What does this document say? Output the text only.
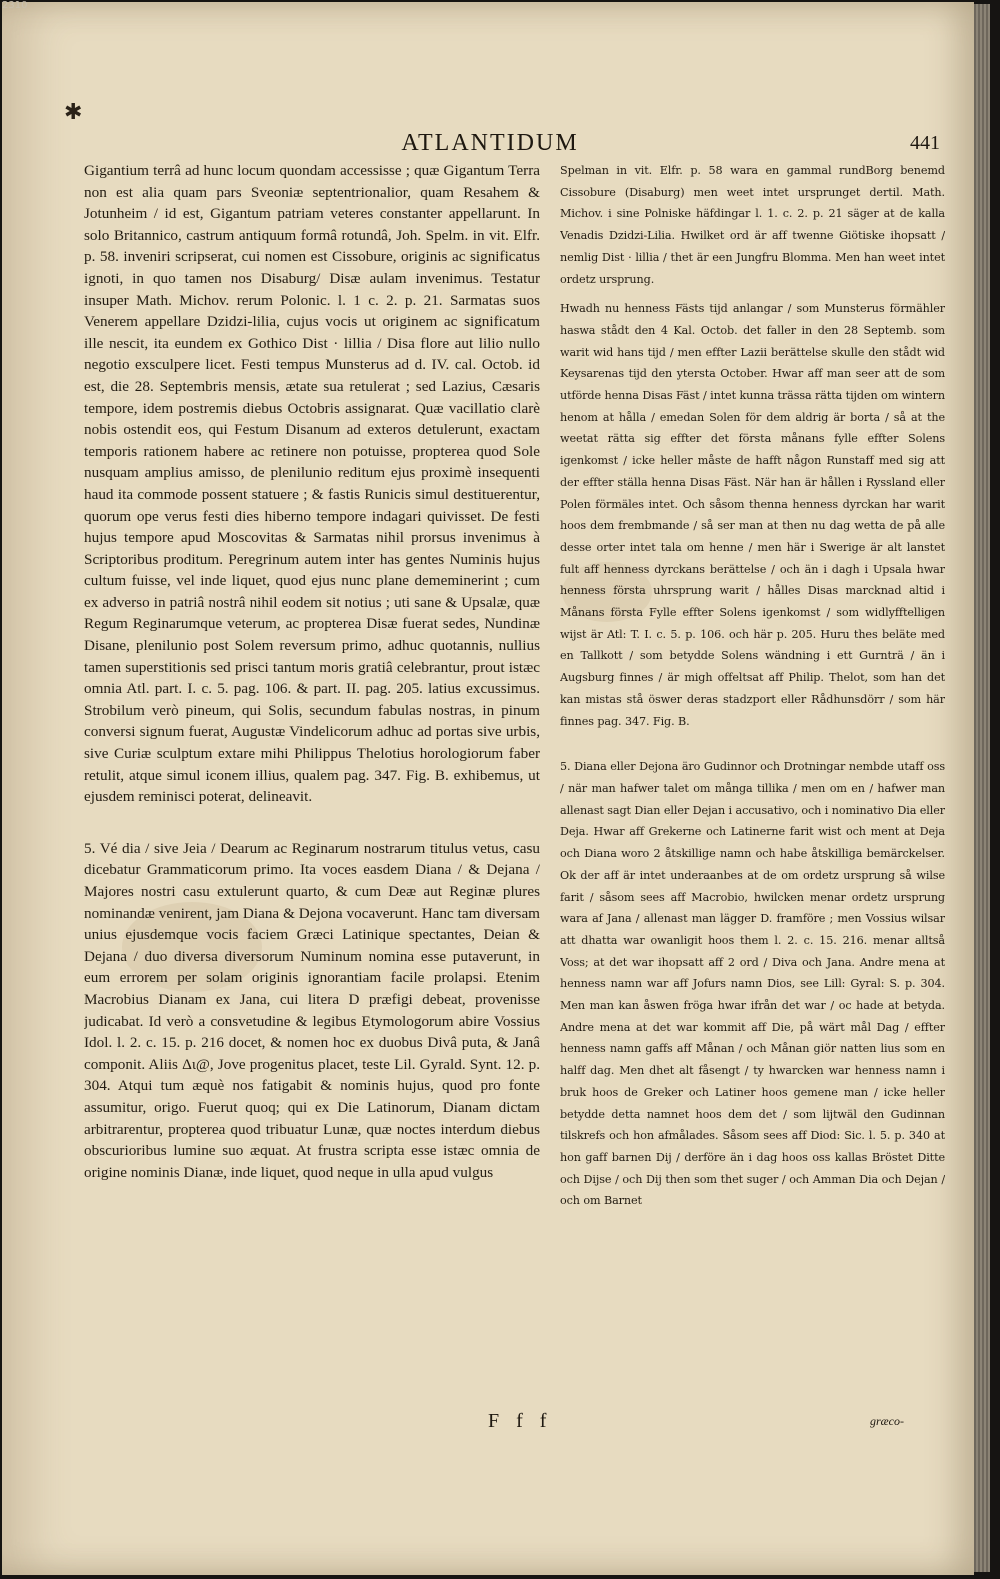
2310
✱
ATLANTIDUM	441

Gigantium terrâ ad hunc locum quondam accessisse ; quæ Gigantum Terra non est alia quam pars Sveoniæ septentrionalior, quam Resahem & Jotunheim / id est, Gigantum patriam veteres constanter appellarunt. In solo Britannico, castrum antiquum formâ rotundâ, Joh. Spelm. in vit. Elfr. p. 58. inveniri scripserat, cui nomen est Cissobure, originis ac significatus ignoti, in quo tamen nos Disaburg/ Disæ aulam invenimus. Testatur insuper Math. Michov. rerum Polonic. l. 1 c. 2. p. 21. Sarmatas suos Venerem appellare Dzidzi-lilia, cujus vocis ut originem ac significatum ille nescit, ita eundem ex Gothico Dist · lillia / Disa flore aut lilio nullo negotio exsculpere licet. Festi tempus Munsterus ad d. IV. cal. Octob. id est, die 28. Septembris mensis, ætate sua retulerat ; sed Lazius, Cæsaris tempore, idem postremis diebus Octobris assignarat. Quæ vacillatio clarè nobis ostendit eos, qui Festum Disanum ad exteros detulerunt, exactam temporis rationem habere ac retinere non potuisse, propterea quod Sole nusquam amplius amisso, de plenilunio reditum ejus proximè insequenti haud ita commode possent statuere ; & fastis Runicis simul destituerentur, quorum ope verus festi dies hiberno tempore indagari quivisset. De festi hujus tempore apud Moscovitas & Sarmatas nihil prorsus invenimus à Scriptoribus proditum. Peregrinum autem inter has gentes Numinis hujus cultum fuisse, vel inde liquet, quod ejus nunc plane dememinerint ; cum ex adverso in patriâ nostrâ nihil eodem sit notius ; uti sane & Upsalæ, quæ Regum Reginarumque veterum, ac propterea Disæ fuerat sedes, Nundinæ Disane, plenilunio post Solem reversum primo, adhuc quotannis, nullius tamen superstitionis sed prisci tantum moris gratiâ celebrantur, prout istæc omnia Atl. part. I. c. 5. pag. 106. & part. II. pag. 205. latius excussimus. Strobilum verò pineum, qui Solis, secundum fabulas nostras, in pinum conversi signum fuerat, Augustæ Vindelicorum adhuc ad portas sive urbis, sive Curiæ sculptum extare mihi Philippus Thelotius horologiorum faber retulit, atque simul iconem illius, qualem pag. 347. Fig. B. exhibemus, ut ejusdem reminisci poterat, delineavit.

5. Vé dia / sive Jeia / Dearum ac Reginarum nostrarum titulus vetus, casu dicebatur Grammaticorum primo. Ita voces easdem Diana / & Dejana / Majores nostri casu extulerunt quarto, & cum Deæ aut Reginæ plures nominandæ venirent, jam Diana & Dejona vocaverunt. Hanc tam diversam unius ejusdemque vocis faciem Græci Latinique spectantes, Deian & Dejana / duo diversa diversorum Numinum nomina esse putaverunt, in eum errorem per solam originis ignorantiam facile prolapsi. Etenim Macrobius Dianam ex Jana, cui litera D præfigi debeat, provenisse judicabat. Id verò a consvetudine & legibus Etymologorum abire Vossius Idol. l. 2. c. 15. p. 216 docet, & nomen hoc ex duobus Divâ puta, & Janâ componit. Aliis Δι@, Jove progenitus placet, teste Lil. Gyrald. Synt. 12. p. 304. Atqui tum æquè nos fatigabit & nominis hujus, quod pro fonte assumitur, origo. Fuerut quoq; qui ex Die Latinorum, Dianam dictam arbitrarentur, propterea quod tribuatur Lunæ, quæ noctes interdum diebus obscurioribus lumine suo æquat. At frustra scripta esse istæc omnia de origine nominis Dianæ, inde liquet, quod neque in ulla apud vulgus

Spelman in vit. Elfr. p. 58 wara en gammal rundBorg benemd Cissobure (Disaburg) men weet intet ursprunget dertil. Math. Michov. i sine Polniske häfdingar l. 1. c. 2. p. 21 säger at de kalla Venadis Dzidzi-Lilia. Hwilket ord är aff twenne Giötiske ihopsatt / nemlig Dist · lillia / thet är een Jungfru Blomma. Men han weet intet ordetz ursprung.

Hwadh nu henness Fästs tijd anlangar / som Munsterus förmähler haswa stådt den 4 Kal. Octob. det faller in den 28 Septemb. som warit wid hans tijd / men effter Lazii berättelse skulle den stådt wid Keysarenas tijd den ytersta October. Hwar aff man seer att de som utförde henna Disas Fäst / intet kunna trässa rätta tijden om wintern henom at hålla / emedan Solen för dem aldrig är borta / så at the weetat rätta sig effter det första månans fylle effter Solens igenkomst / icke heller måste de hafft någon Runstaff med sig att der effter ställa henna Disas Fäst. När han är hållen i Ryssland eller Polen förmäles intet. Och såsom thenna henness dyrckan har warit hoos dem frembmande / så ser man at then nu dag wetta de på alle desse orter intet tala om henne / men här i Swerige är alt lanstet fult aff henness dyrckans berättelse / och än i dagh i Upsala hwar henness första uhrsprung warit / hålles Disas marcknad altid i Månans första Fylle effter Solens igenkomst / som widlyfftelligen wijst är Atl: T. I. c. 5. p. 106. och här p. 205. Huru thes beläte med en Tallkott / som betydde Solens wändning i ett Gurnträ / än i Augsburg finnes / är migh offeltsat aff Philip. Thelot, som han det kan mistas stå öswer deras stadzport eller Rådhunsdörr / som här finnes pag. 347. Fig. B.

5. Diana eller Dejona äro Gudinnor och Drotningar nembde utaff oss / när man hafwer talet om många tillika / men om en / hafwer man allenast sagt Dian eller Dejan i accusativo, och i nominativo Dia eller Deja. Hwar aff Grekerne och Latinerne farit wist och ment at Deja och Diana woro 2 åtskillige namn och habe åtskilliga bemärckelser. Ok der aff är intet underaanbes at de om ordetz ursprung så wilse farit / såsom sees aff Macrobio, hwilcken menar ordetz ursprung wara af Jana / allenast man lägger D. framföre ; men Vossius wilsar att dhatta war owanligit hoos them l. 2. c. 15. 216. menar alltså Voss; at det war ihopsatt aff 2 ord / Diva och Jana. Andre mena at henness namn war aff Jofurs namn Dios, see Lill: Gyral: S. p. 304. Men man kan åswen fröga hwar ifrån det war / oc hade at betyda. Andre mena at det war kommit aff Die, på wärt mål Dag / effter henness namn gaffs aff Månan / och Månan giör natten lius som en halff dag. Men dhet alt fåsengt / ty hwarcken war henness namn i bruk hoos de Greker och Latiner hoos gemene man / icke heller betydde detta namnet hoos dem det / som lijtwäl den Gudinnan tilskrefs och hon afmålades. Såsom sees aff Diod: Sic. l. 5. p. 340 at hon gaff barnen Dij / derföre än i dag hoos oss kallas Bröstet Ditte och Dijse / och Dij then som thet suger / och Amman Dia och Dejan / och om Barnet

F f f	græco-
